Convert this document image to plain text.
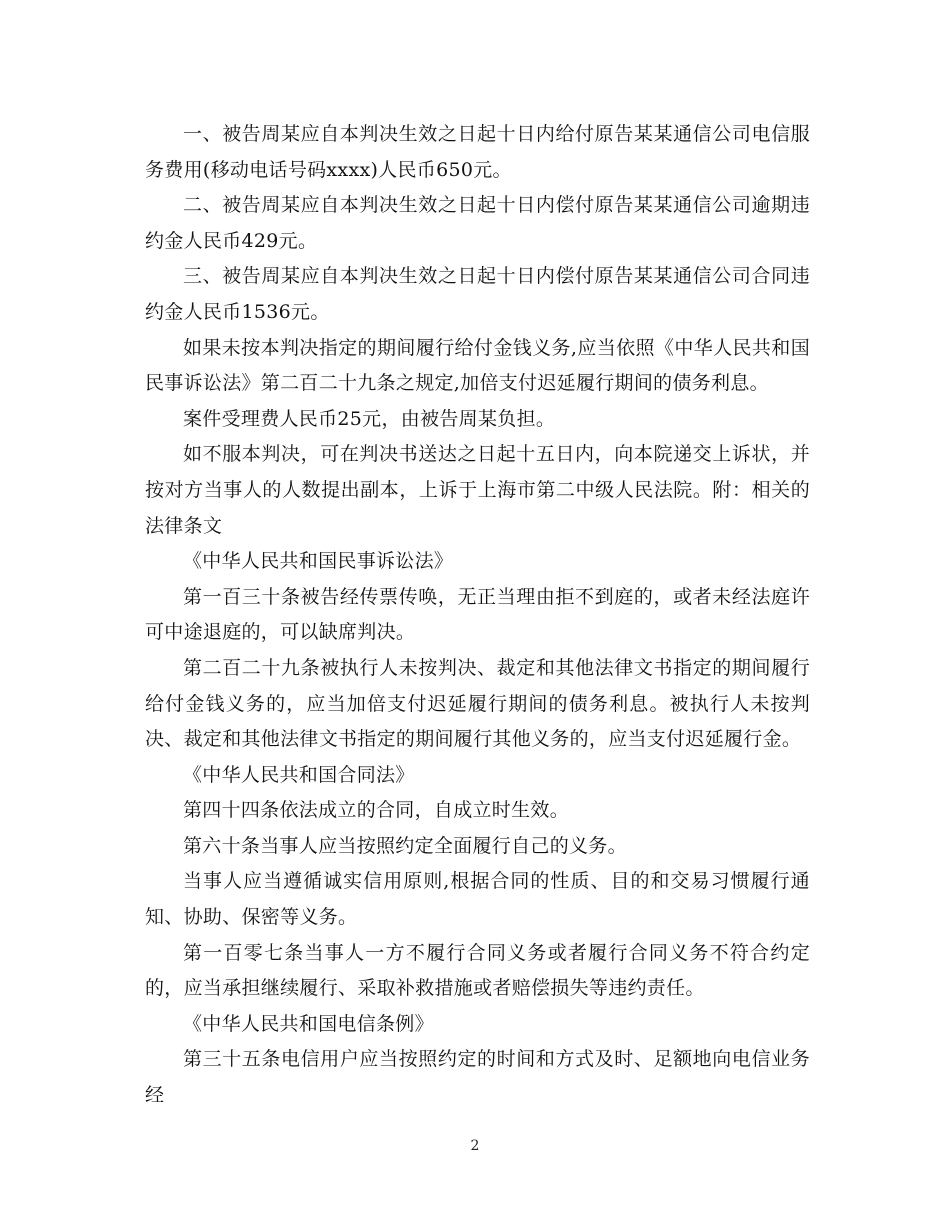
一、被告周某应自本判决生效之日起十日内给付原告某某通信公司电信服务费用(移动电话号码xxxx)人民币650元。

二、被告周某应自本判决生效之日起十日内偿付原告某某通信公司逾期违约金人民币429元。

三、被告周某应自本判决生效之日起十日内偿付原告某某通信公司合同违约金人民币1536元。

如果未按本判决指定的期间履行给付金钱义务,应当依照《中华人民共和国民事诉讼法》第二百二十九条之规定,加倍支付迟延履行期间的债务利息。

案件受理费人民币25元，由被告周某负担。

如不服本判决，可在判决书送达之日起十五日内，向本院递交上诉状，并按对方当事人的人数提出副本，上诉于上海市第二中级人民法院。附：相关的法律条文

《中华人民共和国民事诉讼法》

第一百三十条被告经传票传唤，无正当理由拒不到庭的，或者未经法庭许可中途退庭的，可以缺席判决。

第二百二十九条被执行人未按判决、裁定和其他法律文书指定的期间履行给付金钱义务的，应当加倍支付迟延履行期间的债务利息。被执行人未按判决、裁定和其他法律文书指定的期间履行其他义务的，应当支付迟延履行金。

《中华人民共和国合同法》

第四十四条依法成立的合同，自成立时生效。

第六十条当事人应当按照约定全面履行自己的义务。

当事人应当遵循诚实信用原则,根据合同的性质、目的和交易习惯履行通知、协助、保密等义务。

第一百零七条当事人一方不履行合同义务或者履行合同义务不符合约定的，应当承担继续履行、采取补救措施或者赔偿损失等违约责任。

《中华人民共和国电信条例》

第三十五条电信用户应当按照约定的时间和方式及时、足额地向电信业务经

2
